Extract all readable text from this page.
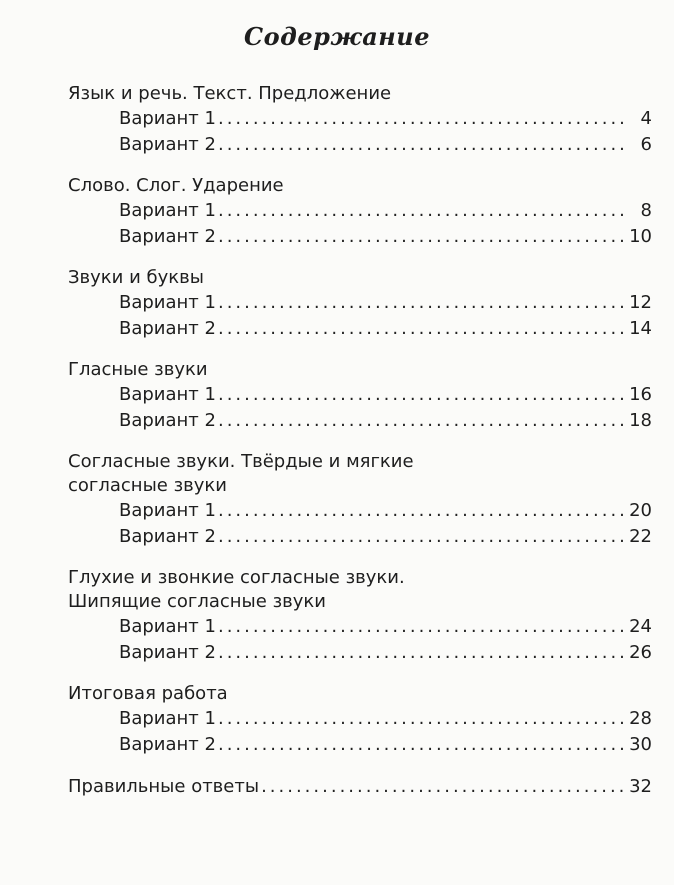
Содержание
Язык и речь. Текст. Предложение
Вариант 1 .....	4
Вариант 2 .....	6
Слово. Слог. Ударение
Вариант 1 .....	8
Вариант 2 .....	10
Звуки и буквы
Вариант 1 .....	12
Вариант 2 .....	14
Гласные звуки
Вариант 1 .....	16
Вариант 2 .....	18
Согласные звуки. Твёрдые и мягкие
согласные звуки
Вариант 1 .....	20
Вариант 2 .....	22
Глухие и звонкие согласные звуки.
Шипящие согласные звуки
Вариант 1 .....	24
Вариант 2 .....	26
Итоговая работа
Вариант 1 .....	28
Вариант 2 .....	30
Правильные ответы .....	32
